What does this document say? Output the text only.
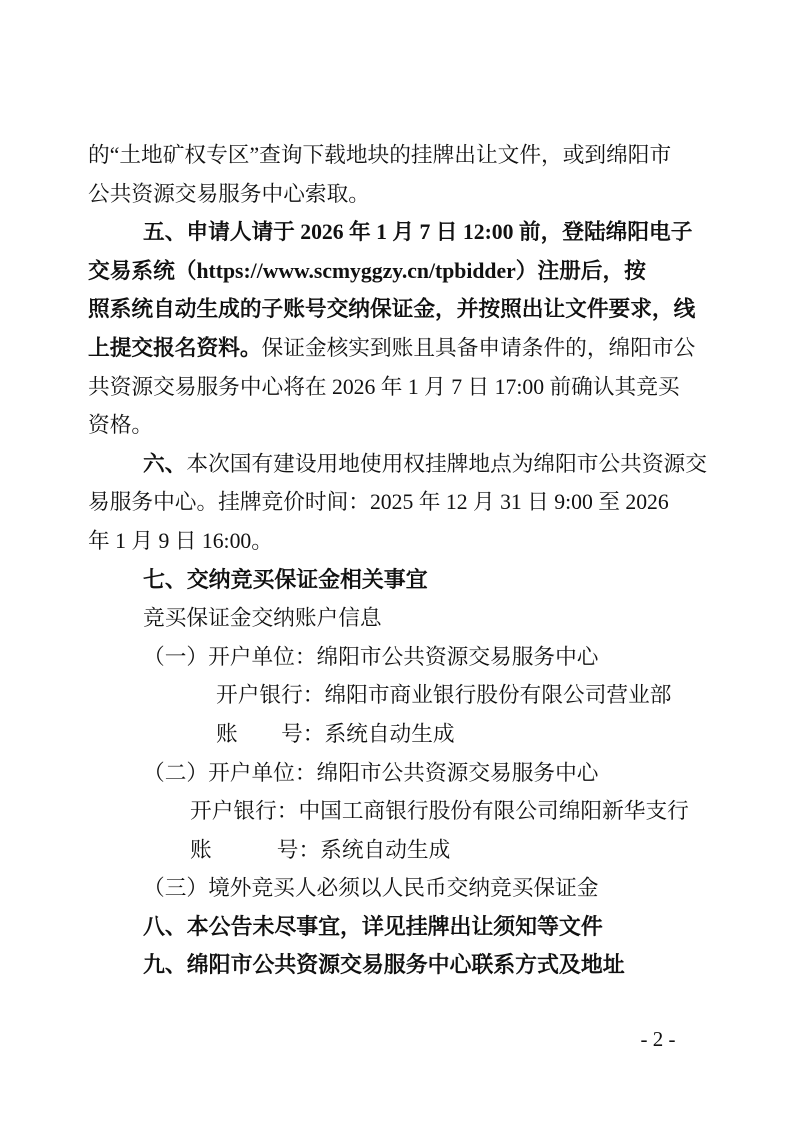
的“土地矿权专区”查询下载地块的挂牌出让文件，或到绵阳市
公共资源交易服务中心索取。
五、申请人请于 2026 年 1 月 7 日 12:00 前，登陆绵阳电子
交易系统（https://www.scmyggzy.cn/tpbidder）注册后，按
照系统自动生成的子账号交纳保证金，并按照出让文件要求，线
上提交报名资料。保证金核实到账且具备申请条件的，绵阳市公
共资源交易服务中心将在 2026 年 1 月 7 日 17:00 前确认其竞买
资格。
六、本次国有建设用地使用权挂牌地点为绵阳市公共资源交
易服务中心。挂牌竞价时间：2025 年 12 月 31 日 9:00 至 2026
年 1 月 9 日 16:00。
七、交纳竞买保证金相关事宜
竞买保证金交纳账户信息
（一）开户单位：绵阳市公共资源交易服务中心
开户银行：绵阳市商业银行股份有限公司营业部
账　　号：系统自动生成
（二）开户单位：绵阳市公共资源交易服务中心
开户银行：中国工商银行股份有限公司绵阳新华支行
账　　　号：系统自动生成
（三）境外竞买人必须以人民币交纳竞买保证金
八、本公告未尽事宜，详见挂牌出让须知等文件
九、绵阳市公共资源交易服务中心联系方式及地址
- 2 -
